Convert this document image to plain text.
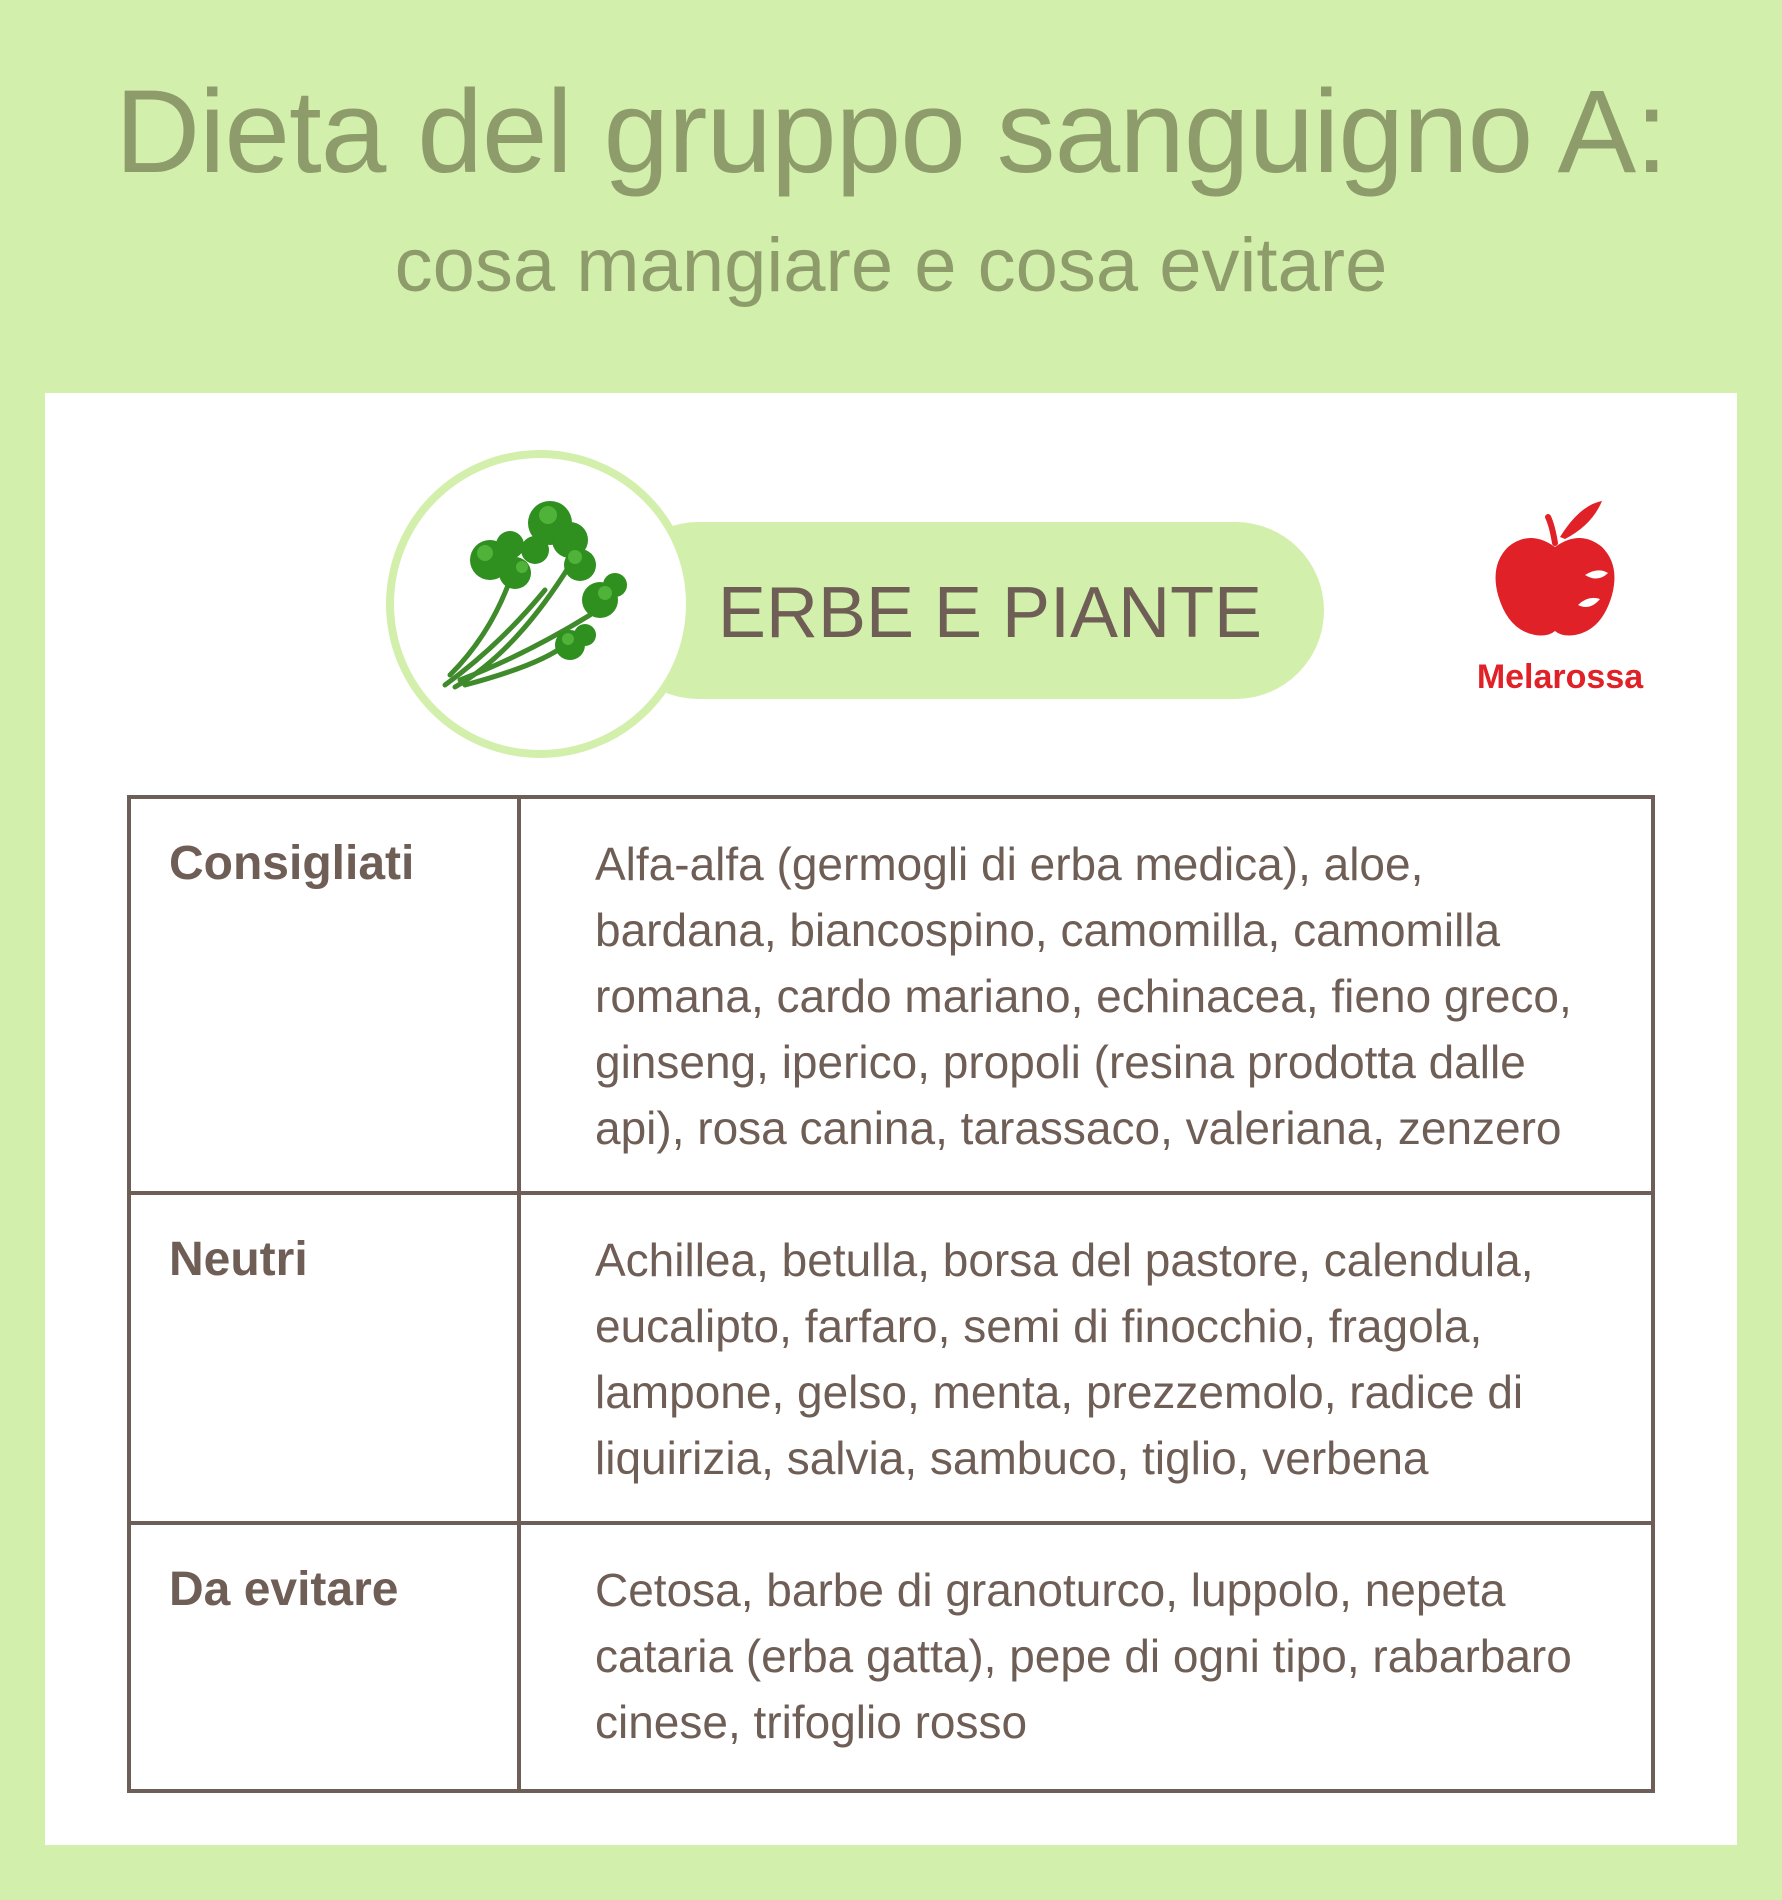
Dieta del gruppo sanguigno A:
cosa mangiare e cosa evitare
ERBE E PIANTE
Melarossa
Consigliati	Alfa-alfa (germogli di erba medica), aloe, bardana, biancospino, camomilla, camomilla romana, cardo mariano, echinacea, fieno greco, ginseng, iperico, propoli (resina prodotta dalle api), rosa canina, tarassaco, valeriana, zenzero
Neutri	Achillea, betulla, borsa del pastore, calendula, eucalipto, farfaro, semi di finocchio, fragola, lampone, gelso, menta, prezzemolo, radice di liquirizia, salvia, sambuco, tiglio, verbena
Da evitare	Cetosa, barbe di granoturco, luppolo, nepeta cataria (erba gatta), pepe di ogni tipo, rabarbaro cinese, trifoglio rosso
